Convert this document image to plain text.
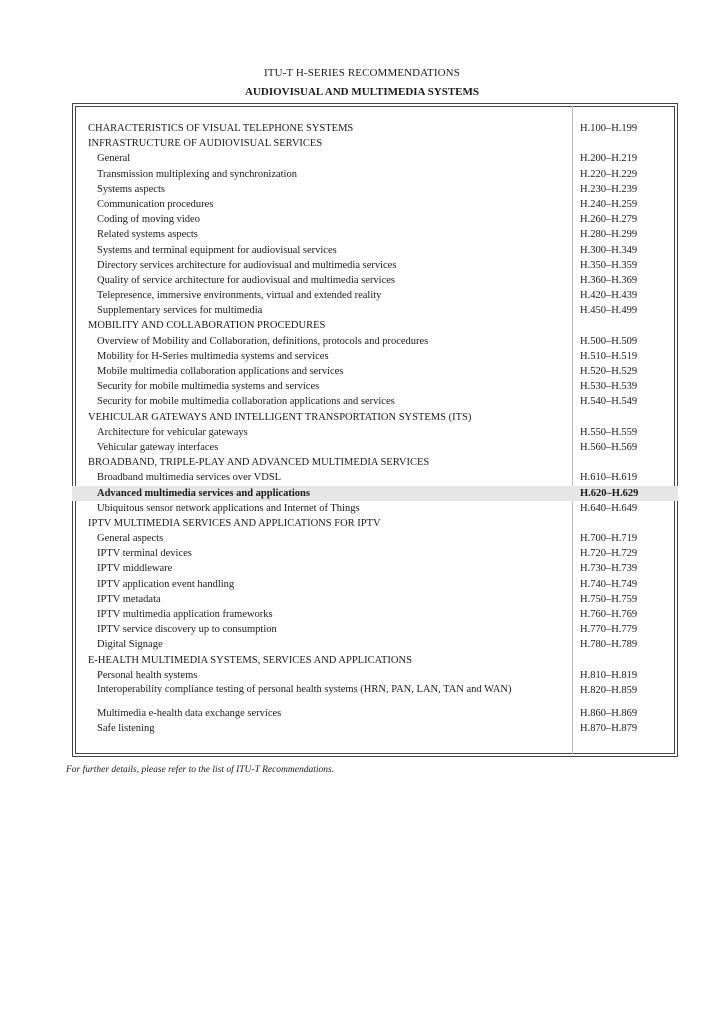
ITU-T H-SERIES RECOMMENDATIONS
AUDIOVISUAL AND MULTIMEDIA SYSTEMS
CHARACTERISTICS OF VISUAL TELEPHONE SYSTEMS	H.100–H.199
INFRASTRUCTURE OF AUDIOVISUAL SERVICES
General	H.200–H.219
Transmission multiplexing and synchronization	H.220–H.229
Systems aspects	H.230–H.239
Communication procedures	H.240–H.259
Coding of moving video	H.260–H.279
Related systems aspects	H.280–H.299
Systems and terminal equipment for audiovisual services	H.300–H.349
Directory services architecture for audiovisual and multimedia services	H.350–H.359
Quality of service architecture for audiovisual and multimedia services	H.360–H.369
Telepresence, immersive environments, virtual and extended reality	H.420–H.439
Supplementary services for multimedia	H.450–H.499
MOBILITY AND COLLABORATION PROCEDURES
Overview of Mobility and Collaboration, definitions, protocols and procedures	H.500–H.509
Mobility for H-Series multimedia systems and services	H.510–H.519
Mobile multimedia collaboration applications and services	H.520–H.529
Security for mobile multimedia systems and services	H.530–H.539
Security for mobile multimedia collaboration applications and services	H.540–H.549
VEHICULAR GATEWAYS AND INTELLIGENT TRANSPORTATION SYSTEMS (ITS)
Architecture for vehicular gateways	H.550–H.559
Vehicular gateway interfaces	H.560–H.569
BROADBAND, TRIPLE-PLAY AND ADVANCED MULTIMEDIA SERVICES
Broadband multimedia services over VDSL	H.610–H.619
Advanced multimedia services and applications	H.620–H.629
Ubiquitous sensor network applications and Internet of Things	H.640–H.649
IPTV MULTIMEDIA SERVICES AND APPLICATIONS FOR IPTV
General aspects	H.700–H.719
IPTV terminal devices	H.720–H.729
IPTV middleware	H.730–H.739
IPTV application event handling	H.740–H.749
IPTV metadata	H.750–H.759
IPTV multimedia application frameworks	H.760–H.769
IPTV service discovery up to consumption	H.770–H.779
Digital Signage	H.780–H.789
E-HEALTH MULTIMEDIA SYSTEMS, SERVICES AND APPLICATIONS
Personal health systems	H.810–H.819
Interoperability compliance testing of personal health systems (HRN, PAN, LAN, TAN and WAN)	H.820–H.859
Multimedia e-health data exchange services	H.860–H.869
Safe listening	H.870–H.879
For further details, please refer to the list of ITU-T Recommendations.
